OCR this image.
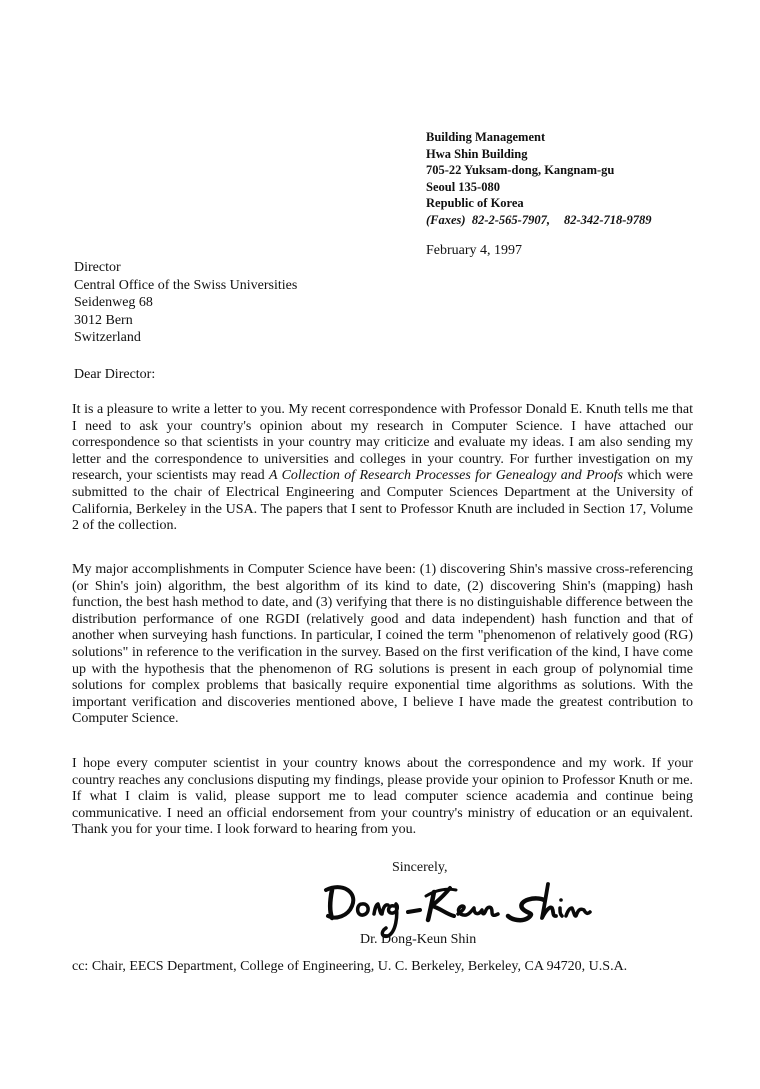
Building Management
Hwa Shin Building
705-22 Yuksam-dong, Kangnam-gu
Seoul 135-080
Republic of Korea
(Faxes) 82-2-565-7907, 82-342-718-9789
February 4, 1997
Director
Central Office of the Swiss Universities
Seidenweg 68
3012 Bern
Switzerland
Dear Director:

It is a pleasure to write a letter to you. My recent correspondence with Professor Donald E. Knuth tells me that I need to ask your country's opinion about my research in Computer Science. I have attached our correspondence so that scientists in your country may criticize and evaluate my ideas. I am also sending my letter and the correspondence to universities and colleges in your country. For further investigation on my research, your scientists may read A Collection of Research Processes for Genealogy and Proofs which were submitted to the chair of Electrical Engineering and Computer Sciences Department at the University of California, Berkeley in the USA. The papers that I sent to Professor Knuth are included in Section 17, Volume 2 of the collection.

My major accomplishments in Computer Science have been: (1) discovering Shin's massive cross-referencing (or Shin's join) algorithm, the best algorithm of its kind to date, (2) discovering Shin's (mapping) hash function, the best hash method to date, and (3) verifying that there is no distinguishable difference between the distribution performance of one RGDI (relatively good and data independent) hash function and that of another when surveying hash functions. In particular, I coined the term "phenomenon of relatively good (RG) solutions" in reference to the verification in the survey. Based on the first verification of the kind, I have come up with the hypothesis that the phenomenon of RG solutions is present in each group of polynomial time solutions for complex problems that basically require exponential time algorithms as solutions. With the important verification and discoveries mentioned above, I believe I have made the greatest contribution to Computer Science.

I hope every computer scientist in your country knows about the correspondence and my work. If your country reaches any conclusions disputing my findings, please provide your opinion to Professor Knuth or me. If what I claim is valid, please support me to lead computer science academia and continue being communicative. I need an official endorsement from your country's ministry of education or an equivalent. Thank you for your time. I look forward to hearing from you.

Sincerely,
Dr. Dong-Keun Shin
cc: Chair, EECS Department, College of Engineering, U. C. Berkeley, Berkeley, CA 94720, U.S.A.
